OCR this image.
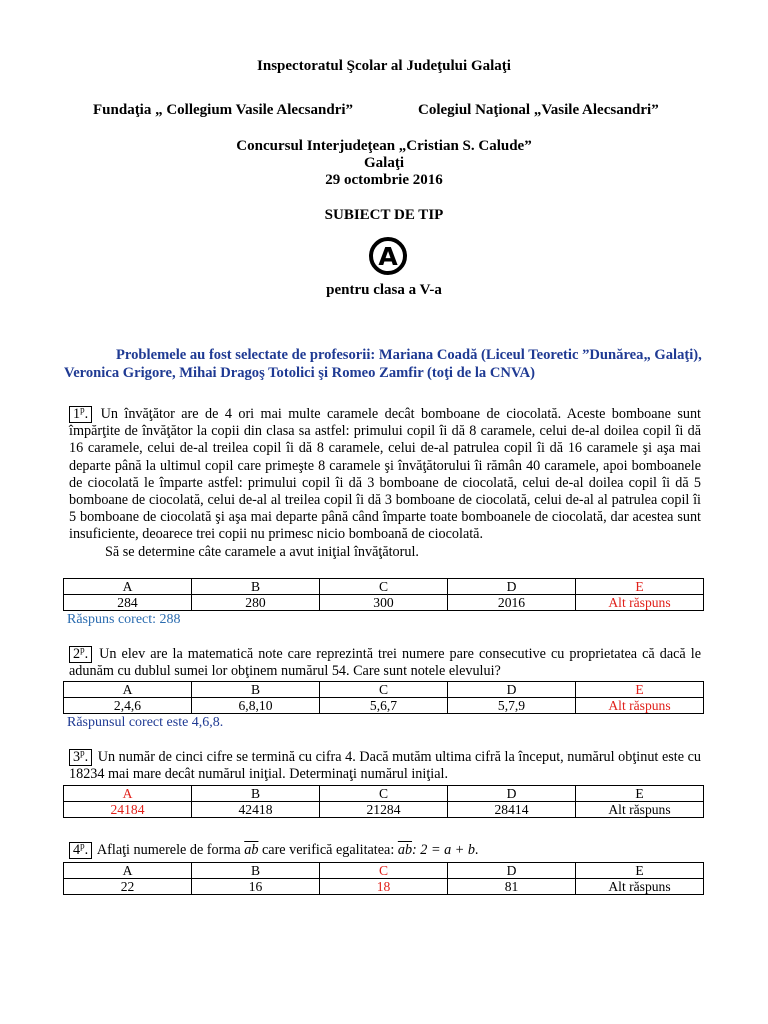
Inspectoratul Şcolar al Judeţului Galaţi
Fundaţia „ Collegium Vasile Alecsandri”	Colegiul Naţional „Vasile Alecsandri”
Concursul Interjudeţean „Cristian S. Calude”
Galaţi
29 octombrie 2016
SUBIECT DE TIP
A
pentru clasa a V-a
Problemele au fost selectate de profesorii: Mariana Coadă (Liceul Teoretic ”Dunărea„ Galaţi), Veronica Grigore, Mihai Dragoş Totolici şi Romeo Zamfir (toţi de la CNVA)
1$^p$. Un învăţător are de 4 ori mai multe caramele decât bomboane de ciocolată. Aceste bomboane sunt împărţite de învăţător la copii din clasa sa astfel: primului copil îi dă 8 caramele, celui de-al doilea copil îi dă 16 caramele, celui de-al treilea copil îi dă 8 caramele, celui de-al patrulea copil îi dă 16 caramele şi aşa mai departe până la ultimul copil care primeşte 8 caramele şi învăţătorului îi rămân 40 caramele, apoi bomboanele de ciocolată le împarte astfel: primului copil îi dă 3 bomboane de ciocolată, celui de-al doilea copil îi dă 5 bomboane de ciocolată, celui de-al al treilea copil îi dă 3 bomboane de ciocolată, celui de-al al patrulea copil îi 5 bomboane de ciocolată şi aşa mai departe până când împarte toate bomboanele de ciocolată, dar acestea sunt insuficiente, deoarece trei copii nu primesc nicio bomboană de ciocolată.
Să se determine câte caramele a avut iniţial învăţătorul.
A	B	C	D	E
284	280	300	2016	Alt răspuns
Răspuns corect: 288
2$^p$. Un elev are la matematică note care reprezintă trei numere pare consecutive cu proprietatea că dacă le adunăm cu dublul sumei lor obţinem numărul 54. Care sunt notele elevului?
A	B	C	D	E
2,4,6	6,8,10	5,6,7	5,7,9	Alt răspuns
Răspunsul corect este 4,6,8.
3$^p$. Un număr de cinci cifre se termină cu cifra 4. Dacă mutăm ultima cifră la început, numărul obţinut este cu 18234 mai mare decât numărul iniţial. Determinaţi numărul iniţial.
A	B	C	D	E
24184	42418	21284	28414	Alt răspuns
4$^p$. Aflaţi numerele de forma $\overline{ab}$ care verifică egalitatea: $\overline{ab}$: 2 = a + b.
A	B	C	D	E
22	16	18	81	Alt răspuns
